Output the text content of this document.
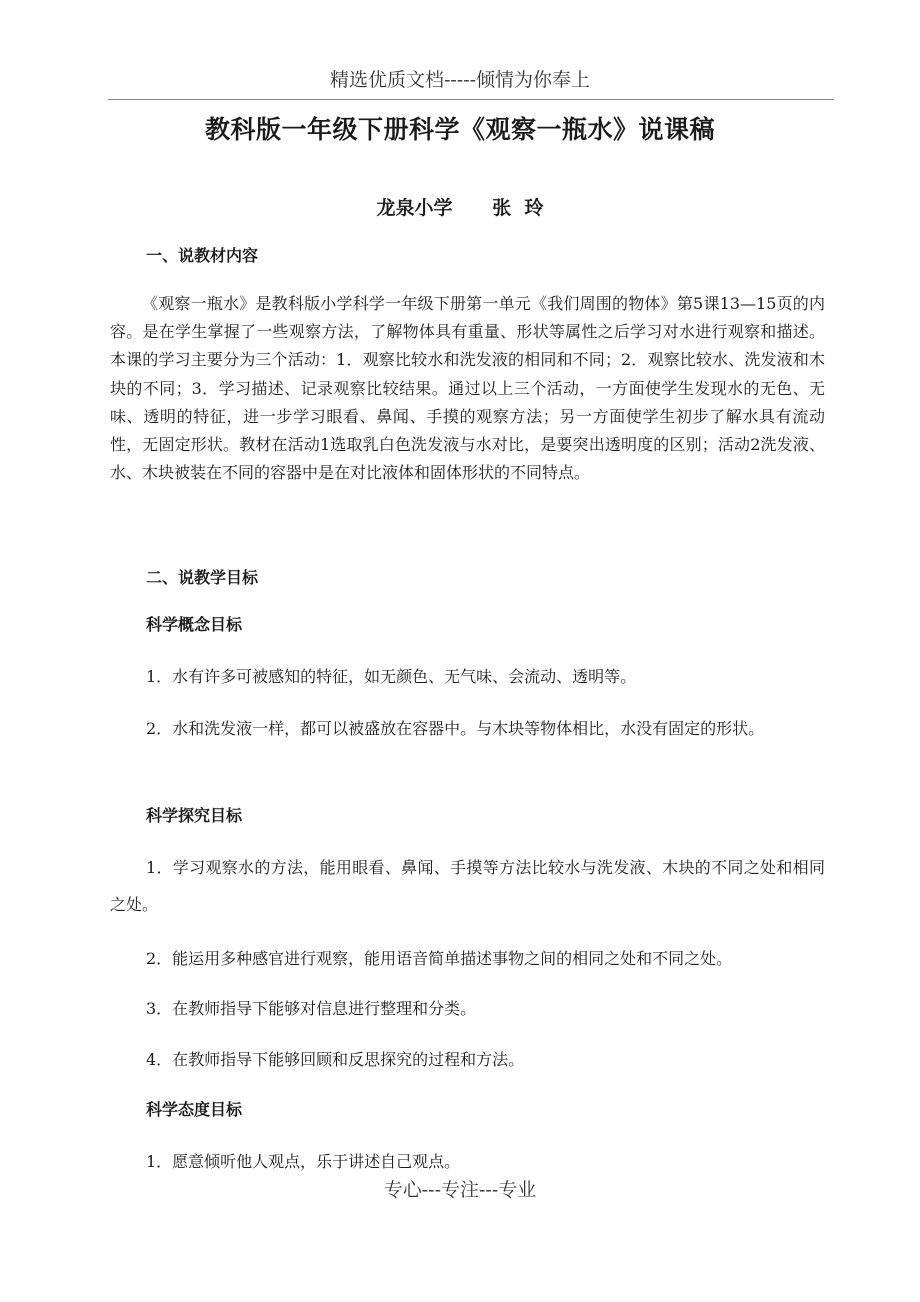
精选优质文档-----倾情为你奉上
教科版一年级下册科学《观察一瓶水》说课稿
龙泉小学      张  玲
一、说教材内容
《观察一瓶水》是教科版小学科学一年级下册第一单元《我们周围的物体》第5课13—15页的内容。是在学生掌握了一些观察方法，了解物体具有重量、形状等属性之后学习对水进行观察和描述。本课的学习主要分为三个活动：1．观察比较水和洗发液的相同和不同；2．观察比较水、洗发液和木块的不同；3．学习描述、记录观察比较结果。通过以上三个活动，一方面使学生发现水的无色、无味、透明的特征，进一步学习眼看、鼻闻、手摸的观察方法；另一方面使学生初步了解水具有流动性，无固定形状。教材在活动1选取乳白色洗发液与水对比，是要突出透明度的区别；活动2洗发液、水、木块被装在不同的容器中是在对比液体和固体形状的不同特点。
二、说教学目标
科学概念目标
1．水有许多可被感知的特征，如无颜色、无气味、会流动、透明等。
2．水和洗发液一样，都可以被盛放在容器中。与木块等物体相比，水没有固定的形状。
科学探究目标
1．学习观察水的方法，能用眼看、鼻闻、手摸等方法比较水与洗发液、木块的不同之处和相同之处。
2．能运用多种感官进行观察，能用语音简单描述事物之间的相同之处和不同之处。
3．在教师指导下能够对信息进行整理和分类。
4．在教师指导下能够回顾和反思探究的过程和方法。
科学态度目标
1．愿意倾听他人观点，乐于讲述自己观点。
专心---专注---专业
